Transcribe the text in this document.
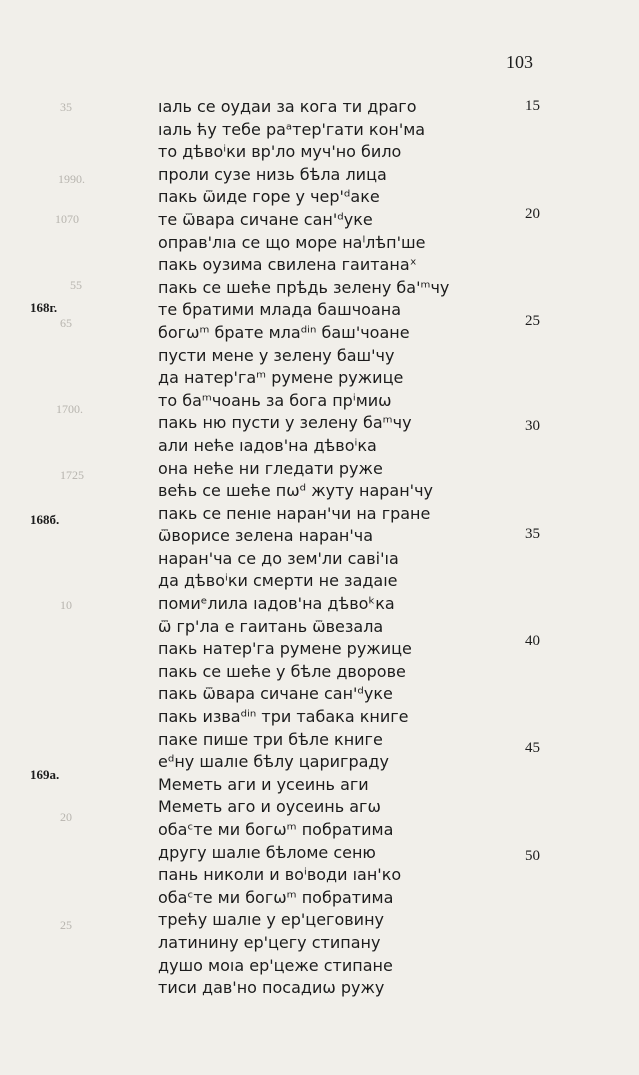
103
35
1990.
1070
55
65
1700.
1725
10
20
25
ıаль се оудаи за кога ти драго
ıаль ћу тебе раᵃтер'гати кон'ма
то дѣвоⁱки вр'ло муч'но било
проли сузе низь бѣла лица
пакь ѿиде горе у чер'ᵈаке
те ѿвара сичане сан'ᵈуке
оправ'лıа се що море наˡлѣп'ше
пакь оузима свилена гаитанаˣ
пакь се шеће прѣдь зелену ба'ᵐчу
те братими млада башчоана
богѡᵐ брате млаᵈⁱⁿ баш'чоане
пусти мене у зелену баш'чу
да натер'гаᵐ румене ружице
то баᵐчоань за бога прⁱмиѡ
пакь ню пусти у зелену баᵐчу
али неће ıадов'на дѣвоⁱка
она неће ни гледати руже
већь се шеће пѡᵈ жуту наран'чу
пакь се пенıе наран'чи на гране
ѿворисе зелена наран'ча
наран'ча се до зем'ли саві'ıа
да дѣвоⁱки смерти не задаıе
помиᵉлила ıадов'на дѣвоᵏка
ѿ гр'ла е гаитань ѿвезала
пакь натер'га румене ружице
пакь се шеће у бѣле дворове
пакь ѿвара сичане сан'ᵈуке
пакь изваᵈⁱⁿ три табака книге
паке пише три бѣле книге
еᵈну шалıе бѣлу цариграду
Меметь аги и усеинь аги
Меметь аго и оусеинь агѡ
обаᶜте ми богѡᵐ побратима
другу шалıе бѣломе сеню
пань николи и воⁱводи ıан'ко
обаᶜте ми богѡᵐ побратима
трећу шалıе у ер'цеговину
латинину ер'цегу стипану
душо моıа ер'цеже стипане
тиси дав'но посадиѡ ружу
15
20
25
30
35
40
45
50
168г.
168б.
169а.
